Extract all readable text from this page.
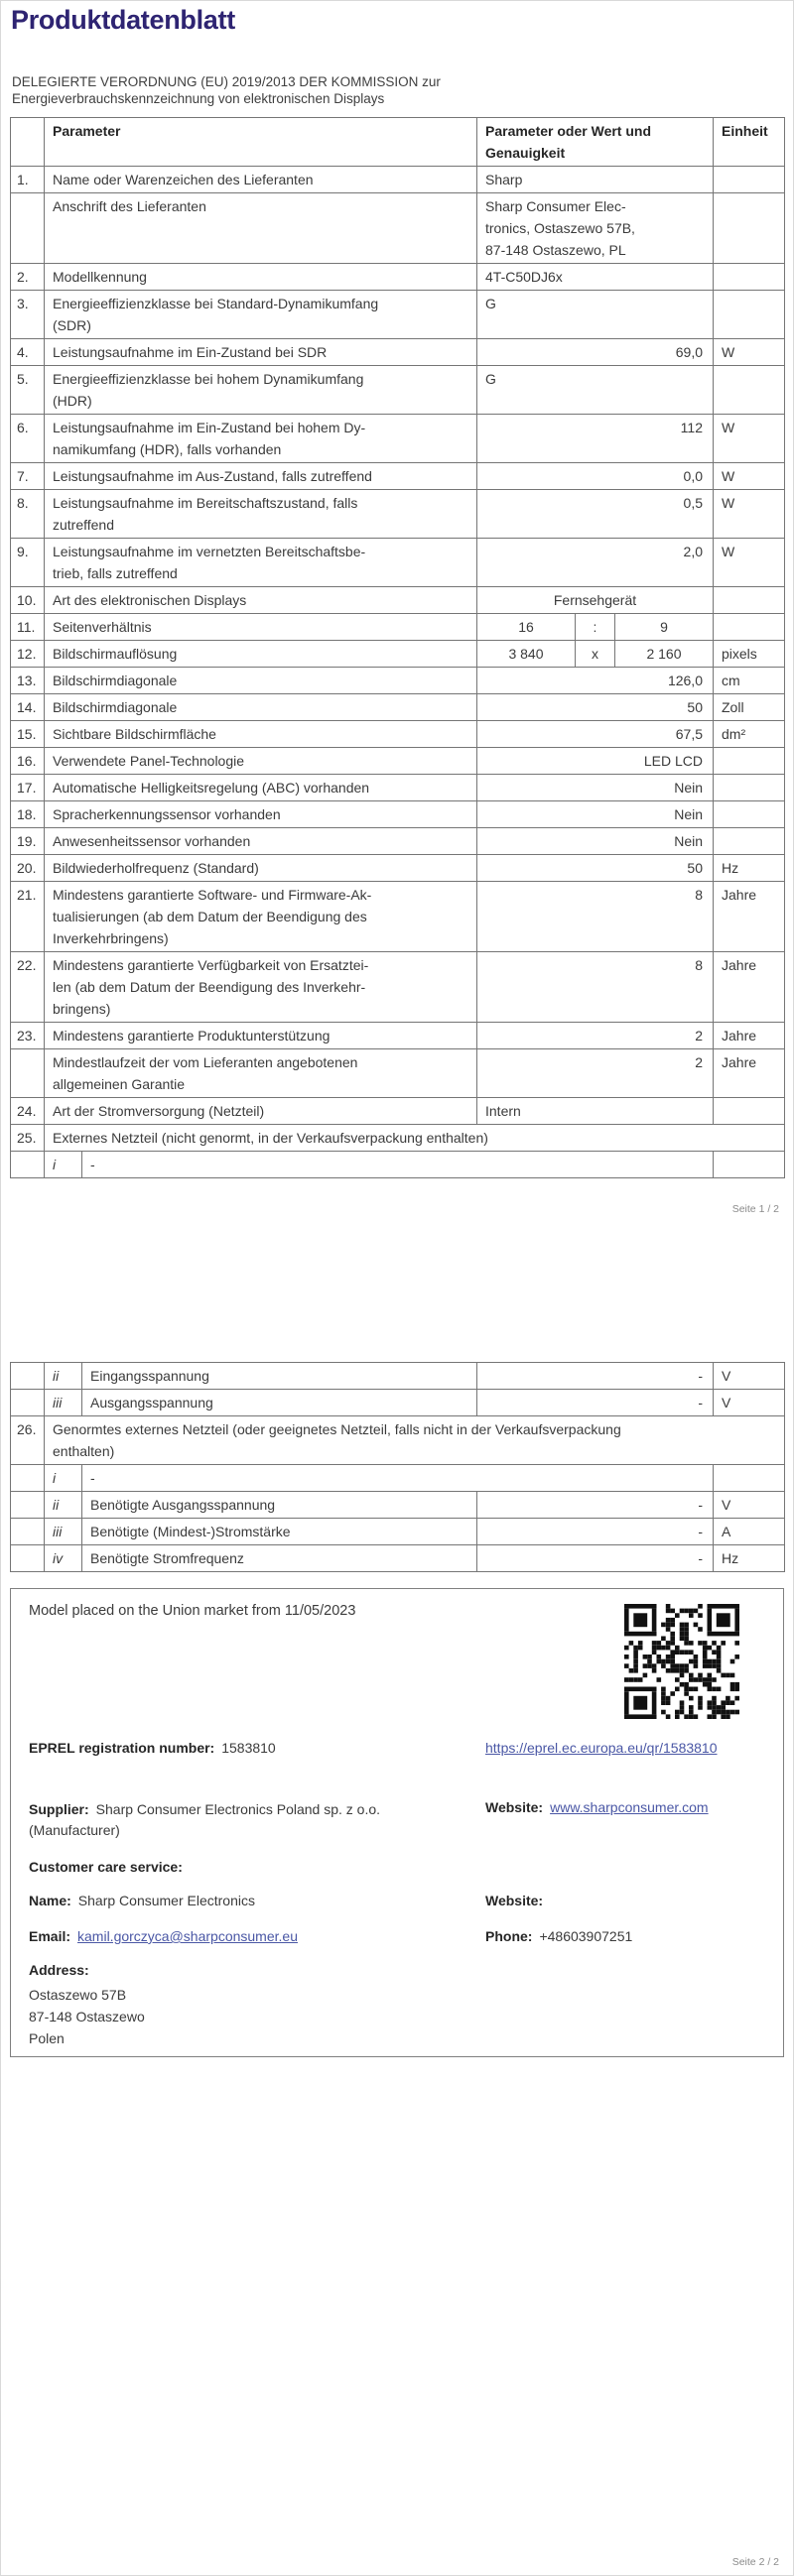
Produktdatenblatt
DELEGIERTE VERORDNUNG (EU) 2019/2013 DER KOMMISSION zur
Energieverbrauchskennzeichnung von elektronischen Displays
	Parameter		Parameter oder Wert und Genauigkeit	Einheit
1.	Name oder Warenzeichen des Lieferanten		Sharp	
	Anschrift des Lieferanten		Sharp Consumer Elec-
tronics, Ostaszewo 57B,
87-148 Ostaszewo, PL	
2.	Modellkennung		4T-C50DJ6x	
3.	Energieeffizienzklasse bei Standard-Dynamikumfang
(SDR)		G	
4.	Leistungsaufnahme im Ein-Zustand bei SDR		69,0	W
5.	Energieeffizienzklasse bei hohem Dynamikumfang
(HDR)		G	
6.	Leistungsaufnahme im Ein-Zustand bei hohem Dy-
namikumfang (HDR), falls vorhanden		112	W
7.	Leistungsaufnahme im Aus-Zustand, falls zutreffend		0,0	W
8.	Leistungsaufnahme im Bereitschaftszustand, falls
zutreffend		0,5	W
9.	Leistungsaufnahme im vernetzten Bereitschaftsbe-
trieb, falls zutreffend		2,0	W
10.	Art des elektronischen Displays		Fernsehgerät	
11.	Seitenverhältnis		16 : 9	

12.	Bildschirmauflösung		3 840 x 2 160	pixels
13.	Bildschirmdiagonale		126,0	cm
14.	Bildschirmdiagonale		50	Zoll
15.	Sichtbare Bildschirmfläche		67,5	dm²
16.	Verwendete Panel-Technologie		LED LCD	
17.	Automatische Helligkeitsregelung (ABC) vorhanden		Nein	
18.	Spracherkennungssensor vorhanden		Nein	
19.	Anwesenheitssensor vorhanden		Nein	
20.	Bildwiederholfrequenz (Standard)		50	Hz
21.	Mindestens garantierte Software- und Firmware-Ak-
tualisierungen (ab dem Datum der Beendigung des
Inverkehrbringens)		8	Jahre
22.	Mindestens garantierte Verfügbarkeit von Ersatztei-
len (ab dem Datum der Beendigung des Inverkehr-
bringens)		8	Jahre
23.	Mindestens garantierte Produktunterstützung		2	Jahre
	Mindestlaufzeit der vom Lieferanten angebotenen
allgemeinen Garantie		2	Jahre
24.	Art der Stromversorgung (Netzteil)		Intern	
25.	Externes Netzteil (nicht genormt, in der Verkaufsverpackung enthalten)			
	i	-		
Seite 1 / 2
	ii	Eingangsspannung	-	V
	iii	Ausgangsspannung	-	V
26.	Genormtes externes Netzteil (oder geeignetes Netzteil, falls nicht in der Verkaufsverpackung
enthalten)			
	i	-		
	ii	Benötigte Ausgangsspannung	-	V
	iii	Benötigte (Mindest-)Stromstärke	-	A
	iv	Benötigte Stromfrequenz	-	Hz
Model placed on the Union market from 11/05/2023
EPREL registration number: 1583810	https://eprel.ec.europa.eu/qr/1583810
Supplier: Sharp Consumer Electronics Poland sp. z o.o. (Manufacturer)
Website: www.sharpconsumer.com
Customer care service:
Name: Sharp Consumer Electronics	Website:
Email: kamil.gorczyca@sharpconsumer.eu	Phone: +48603907251
Address:
Ostaszewo 57B
87-148 Ostaszewo
Polen
Seite 2 / 2
